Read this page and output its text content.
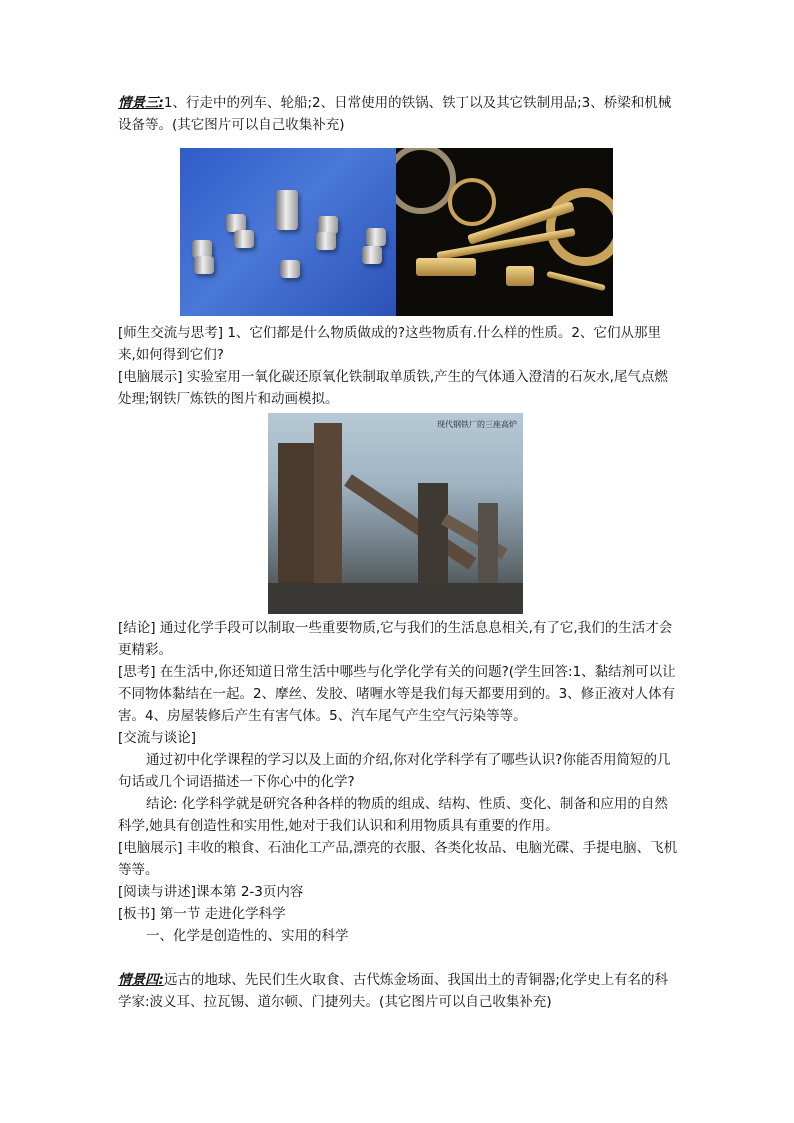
情景三:1、行走中的列车、轮船;2、日常使用的铁锅、铁丁以及其它铁制用品;3、桥梁和机械设备等。(其它图片可以自己收集补充)

[师生交流与思考] 1、它们都是什么物质做成的?这些物质有.什么样的性质。2、它们从那里来,如何得到它们?

[电脑展示] 实验室用一氧化碳还原氧化铁制取单质铁,产生的气体通入澄清的石灰水,尾气点燃处理;钢铁厂炼铁的图片和动画模拟。

现代钢铁厂的三座高炉

[结论] 通过化学手段可以制取一些重要物质,它与我们的生活息息相关,有了它,我们的生活才会更精彩。

[思考] 在生活中,你还知道日常生活中哪些与化学化学有关的问题?(学生回答:1、黏结剂可以让不同物体黏结在一起。2、摩丝、发胶、啫喱水等是我们每天都要用到的。3、修正液对人体有害。4、房屋装修后产生有害气体。5、汽车尾气产生空气污染等等。

[交流与谈论]

通过初中化学课程的学习以及上面的介绍,你对化学科学有了哪些认识?你能否用简短的几句话或几个词语描述一下你心中的化学?

结论: 化学科学就是研究各种各样的物质的组成、结构、性质、变化、制备和应用的自然科学,她具有创造性和实用性,她对于我们认识和利用物质具有重要的作用。

[电脑展示] 丰收的粮食、石油化工产品,漂亮的衣服、各类化妆品、电脑光碟、手提电脑、飞机等等。

[阅读与讲述]课本第 2-3页内容

[板书] 第一节 走进化学科学

一、化学是创造性的、实用的科学

情景四:远古的地球、先民们生火取食、古代炼金场面、我国出土的青铜器;化学史上有名的科学家:波义耳、拉瓦锡、道尔顿、门捷列夫。(其它图片可以自己收集补充)
